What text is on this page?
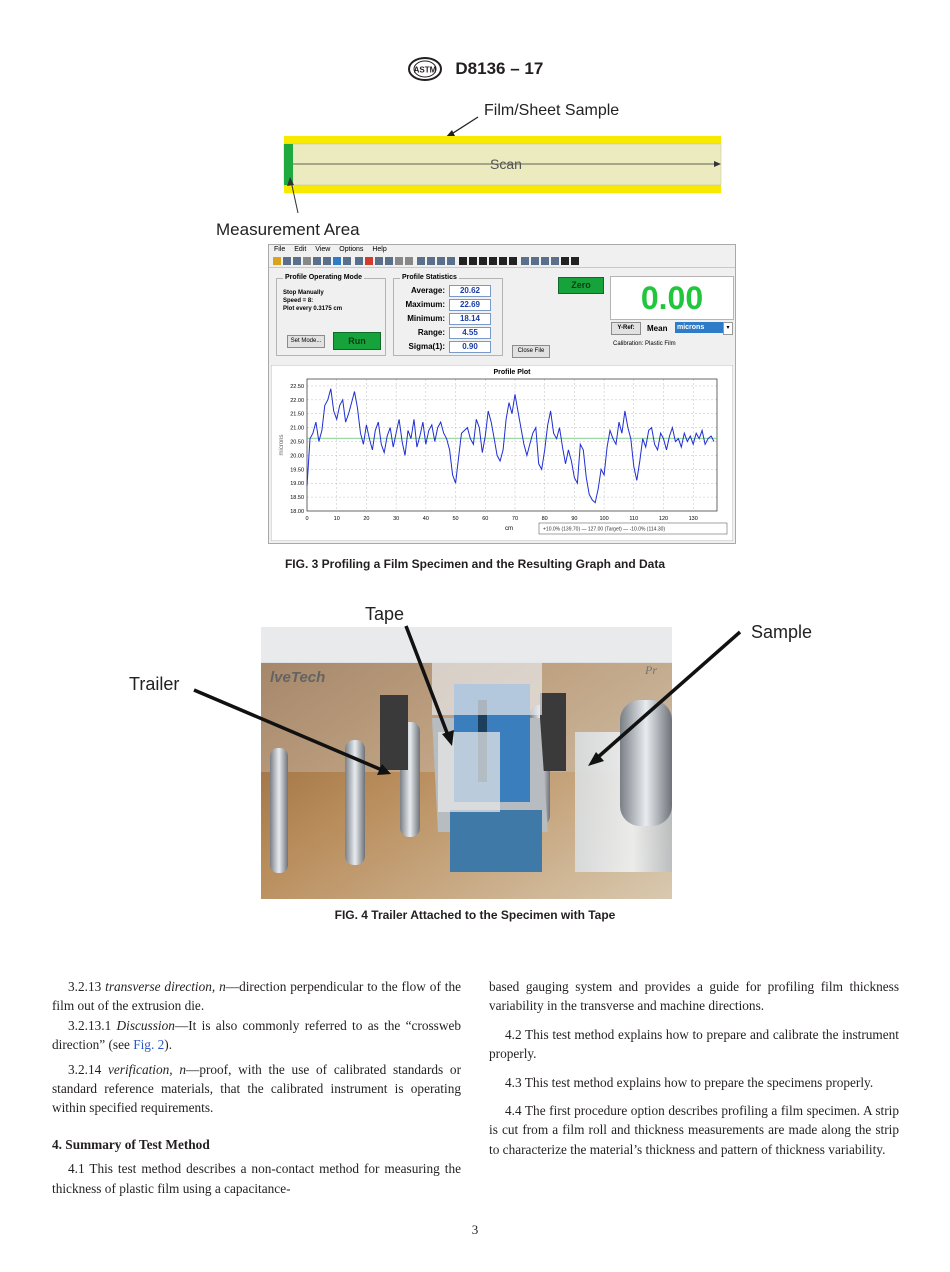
ASTM D8136 – 17
Film/Sheet Sample
Scan
Measurement Area
File Edit View Options Help

Profile Operating Mode
Stop Manually
Speed = 8:
Plot every 0.3175 cm
Set Mode...	Run
Profile Statistics
Average:	20.62
Maximum:	22.69
Minimum:	18.14
Range:	4.55
Sigma(1):	0.90	Close File
Zero	0.00
Y-Ref:	Mean microns	▾
Calibration: Plastic Film
Profile Plot
22.50
22.00
21.50
21.00
20.50
20.00
19.50
19.00
18.50
18.00
0	10	20	30	40	50	60	70	80	90	100	110	120	130
microns
cm	+10.0% (139.70) — 127.00 (Target) — -10.0% (114.30)
FIG. 3 Profiling a Film Specimen and the Resulting Graph and Data
lveTech	Pr
Tape
Sample
Trailer
FIG. 4 Trailer Attached to the Specimen with Tape

3.2.13 transverse direction, n—direction perpendicular to the flow of the film out of the extrusion die.

3.2.13.1 Discussion—It is also commonly referred to as the “crossweb direction” (see Fig. 2).

3.2.14 verification, n—proof, with the use of calibrated standards or standard reference materials, that the calibrated instrument is operating within specified requirements.

4. Summary of Test Method

4.1 This test method describes a non-contact method for measuring the thickness of plastic film using a capacitance-

based gauging system and provides a guide for profiling film thickness variability in the transverse and machine directions.

4.2 This test method explains how to prepare and calibrate the instrument properly.

4.3 This test method explains how to prepare the specimens properly.

4.4 The first procedure option describes profiling a film specimen. A strip is cut from a film roll and thickness measurements are made along the strip to characterize the material’s thickness and pattern of thickness variability.

3
